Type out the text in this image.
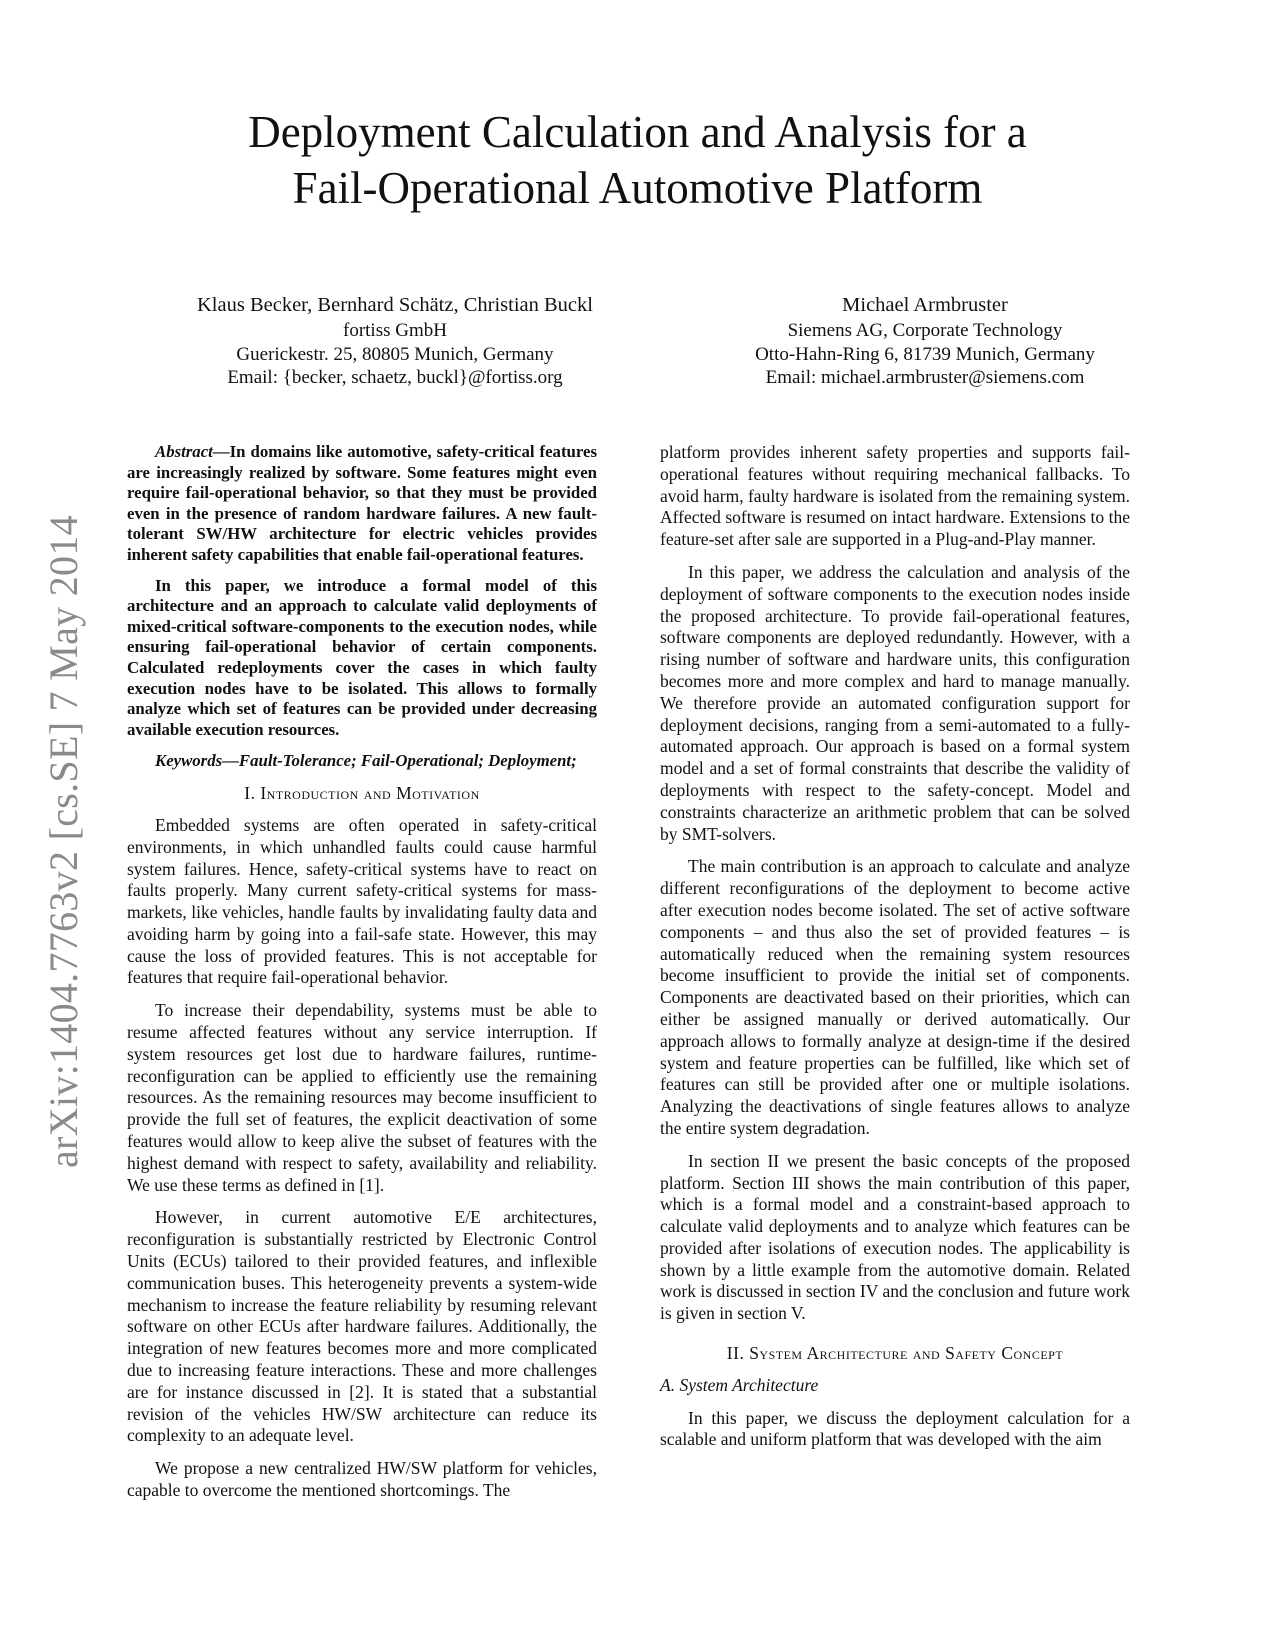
arXiv:1404.7763v2 [cs.SE] 7 May 2014
Deployment Calculation and Analysis for a
Fail-Operational Automotive Platform
Klaus Becker, Bernhard Schätz, Christian Buckl
fortiss GmbH
Guerickestr. 25, 80805 Munich, Germany
Email: {becker, schaetz, buckl}@fortiss.org
Michael Armbruster
Siemens AG, Corporate Technology
Otto-Hahn-Ring 6, 81739 Munich, Germany
Email: michael.armbruster@siemens.com

Abstract—In domains like automotive, safety-critical features are increasingly realized by software. Some features might even require fail-operational behavior, so that they must be provided even in the presence of random hardware failures. A new fault-tolerant SW/HW architecture for electric vehicles provides inherent safety capabilities that enable fail-operational features.

In this paper, we introduce a formal model of this architecture and an approach to calculate valid deployments of mixed-critical software-components to the execution nodes, while ensuring fail-operational behavior of certain components. Calculated redeployments cover the cases in which faulty execution nodes have to be isolated. This allows to formally analyze which set of features can be provided under decreasing available execution resources.

Keywords—Fault-Tolerance; Fail-Operational; Deployment;

I. Introduction and Motivation

Embedded systems are often operated in safety-critical environments, in which unhandled faults could cause harmful system failures. Hence, safety-critical systems have to react on faults properly. Many current safety-critical systems for mass-markets, like vehicles, handle faults by invalidating faulty data and avoiding harm by going into a fail-safe state. However, this may cause the loss of provided features. This is not acceptable for features that require fail-operational behavior.

To increase their dependability, systems must be able to resume affected features without any service interruption. If system resources get lost due to hardware failures, runtime-reconfiguration can be applied to efficiently use the remaining resources. As the remaining resources may become insufficient to provide the full set of features, the explicit deactivation of some features would allow to keep alive the subset of features with the highest demand with respect to safety, availability and reliability. We use these terms as defined in [1].

However, in current automotive E/E architectures, reconfiguration is substantially restricted by Electronic Control Units (ECUs) tailored to their provided features, and inflexible communication buses. This heterogeneity prevents a system-wide mechanism to increase the feature reliability by resuming relevant software on other ECUs after hardware failures. Additionally, the integration of new features becomes more and more complicated due to increasing feature interactions. These and more challenges are for instance discussed in [2]. It is stated that a substantial revision of the vehicles HW/SW architecture can reduce its complexity to an adequate level.

We propose a new centralized HW/SW platform for vehicles, capable to overcome the mentioned shortcomings. The

platform provides inherent safety properties and supports fail-operational features without requiring mechanical fallbacks. To avoid harm, faulty hardware is isolated from the remaining system. Affected software is resumed on intact hardware. Extensions to the feature-set after sale are supported in a Plug-and-Play manner.

In this paper, we address the calculation and analysis of the deployment of software components to the execution nodes inside the proposed architecture. To provide fail-operational features, software components are deployed redundantly. However, with a rising number of software and hardware units, this configuration becomes more and more complex and hard to manage manually. We therefore provide an automated configuration support for deployment decisions, ranging from a semi-automated to a fully-automated approach. Our approach is based on a formal system model and a set of formal constraints that describe the validity of deployments with respect to the safety-concept. Model and constraints characterize an arithmetic problem that can be solved by SMT-solvers.

The main contribution is an approach to calculate and analyze different reconfigurations of the deployment to become active after execution nodes become isolated. The set of active software components – and thus also the set of provided features – is automatically reduced when the remaining system resources become insufficient to provide the initial set of components. Components are deactivated based on their priorities, which can either be assigned manually or derived automatically. Our approach allows to formally analyze at design-time if the desired system and feature properties can be fulfilled, like which set of features can still be provided after one or multiple isolations. Analyzing the deactivations of single features allows to analyze the entire system degradation.

In section II we present the basic concepts of the proposed platform. Section III shows the main contribution of this paper, which is a formal model and a constraint-based approach to calculate valid deployments and to analyze which features can be provided after isolations of execution nodes. The applicability is shown by a little example from the automotive domain. Related work is discussed in section IV and the conclusion and future work is given in section V.

II. System Architecture and Safety Concept

A. System Architecture

In this paper, we discuss the deployment calculation for a scalable and uniform platform that was developed with the aim
